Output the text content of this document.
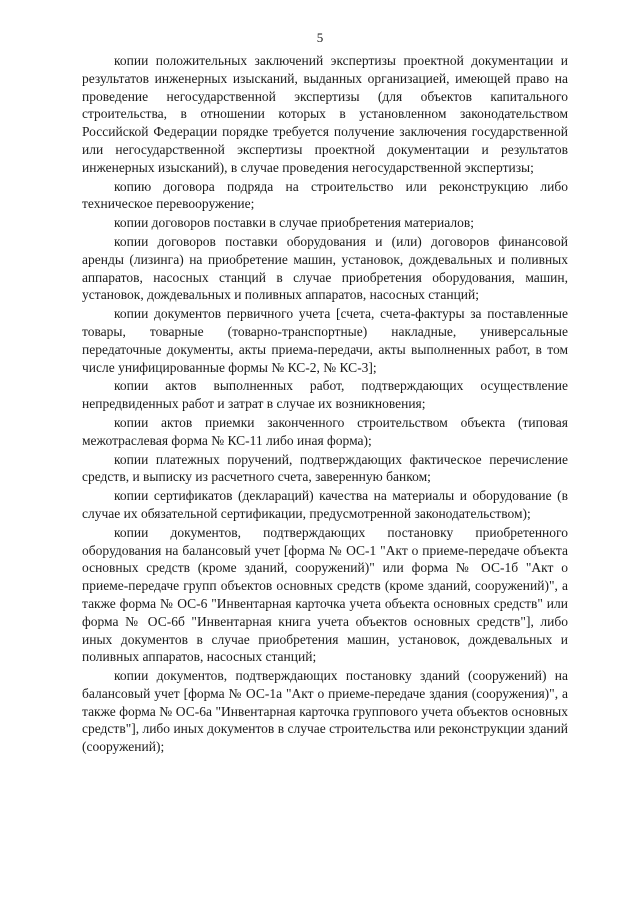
5

копии положительных заключений экспертизы проектной документации и результатов инженерных изысканий, выданных организацией, имеющей право на проведение негосударственной экспертизы (для объектов капитального строительства, в отношении которых в установленном законодательством Российской Федерации порядке требуется получение заключения государственной или негосударственной экспертизы проектной документации и результатов инженерных изысканий), в случае проведения негосударственной экспертизы;

копию договора подряда на строительство или реконструкцию либо техническое перевооружение;

копии договоров поставки в случае приобретения материалов;

копии договоров поставки оборудования и (или) договоров финансовой аренды (лизинга) на приобретение машин, установок, дождевальных и поливных аппаратов, насосных станций в случае приобретения оборудования, машин, установок, дождевальных и поливных аппаратов, насосных станций;

копии документов первичного учета [счета, счета-фактуры за поставленные товары, товарные (товарно-транспортные) накладные, универсальные передаточные документы, акты приема-передачи, акты выполненных работ, в том числе унифицированные формы № КС-2, № КС-3];

копии актов выполненных работ, подтверждающих осуществление непредвиденных работ и затрат в случае их возникновения;

копии актов приемки законченного строительством объекта (типовая межотраслевая форма № КС-11 либо иная форма);

копии платежных поручений, подтверждающих фактическое перечисление средств, и выписку из расчетного счета, заверенную банком;

копии сертификатов (деклараций) качества на материалы и оборудование (в случае их обязательной сертификации, предусмотренной законодательством);

копии документов, подтверждающих постановку приобретенного оборудования на балансовый учет [форма № ОС-1 "Акт о приеме-передаче объекта основных средств (кроме зданий, сооружений)" или форма № ОС-1б "Акт о приеме-передаче групп объектов основных средств (кроме зданий, сооружений)", а также форма № ОС-6 "Инвентарная карточка учета объекта основных средств" или форма № ОС-6б "Инвентарная книга учета объектов основных средств"], либо иных документов в случае приобретения машин, установок, дождевальных и поливных аппаратов, насосных станций;

копии документов, подтверждающих постановку зданий (сооружений) на балансовый учет [форма № ОС-1а "Акт о приеме-передаче здания (сооружения)", а также форма № ОС-6а "Инвентарная карточка группового учета объектов основных средств"], либо иных документов в случае строительства или реконструкции зданий (сооружений);
